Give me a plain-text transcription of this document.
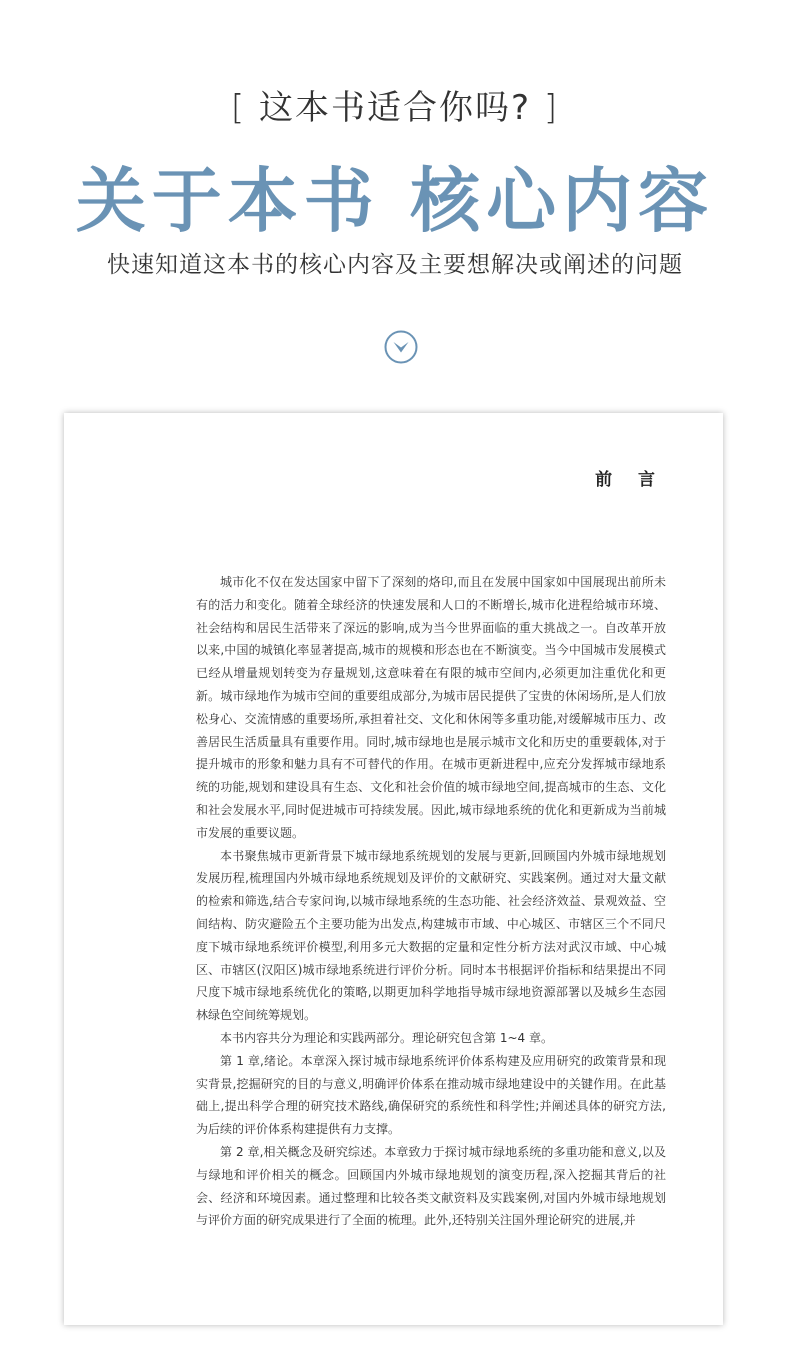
[ 这本书适合你吗? ]
关于本书 核心内容
快速知道这本书的核心内容及主要想解决或阐述的问题
前 言

城市化不仅在发达国家中留下了深刻的烙印,而且在发展中国家如中国展现出前所未有的活力和变化。随着全球经济的快速发展和人口的不断增长,城市化进程给城市环境、社会结构和居民生活带来了深远的影响,成为当今世界面临的重大挑战之一。自改革开放以来,中国的城镇化率显著提高,城市的规模和形态也在不断演变。当今中国城市发展模式已经从增量规划转变为存量规划,这意味着在有限的城市空间内,必须更加注重优化和更新。城市绿地作为城市空间的重要组成部分,为城市居民提供了宝贵的休闲场所,是人们放松身心、交流情感的重要场所,承担着社交、文化和休闲等多重功能,对缓解城市压力、改善居民生活质量具有重要作用。同时,城市绿地也是展示城市文化和历史的重要载体,对于提升城市的形象和魅力具有不可替代的作用。在城市更新进程中,应充分发挥城市绿地系统的功能,规划和建设具有生态、文化和社会价值的城市绿地空间,提高城市的生态、文化和社会发展水平,同时促进城市可持续发展。因此,城市绿地系统的优化和更新成为当前城市发展的重要议题。

本书聚焦城市更新背景下城市绿地系统规划的发展与更新,回顾国内外城市绿地规划发展历程,梳理国内外城市绿地系统规划及评价的文献研究、实践案例。通过对大量文献的检索和筛选,结合专家问询,以城市绿地系统的生态功能、社会经济效益、景观效益、空间结构、防灾避险五个主要功能为出发点,构建城市市域、中心城区、市辖区三个不同尺度下城市绿地系统评价模型,利用多元大数据的定量和定性分析方法对武汉市域、中心城区、市辖区(汉阳区)城市绿地系统进行评价分析。同时本书根据评价指标和结果提出不同尺度下城市绿地系统优化的策略,以期更加科学地指导城市绿地资源部署以及城乡生态园林绿色空间统筹规划。

本书内容共分为理论和实践两部分。理论研究包含第 1~4 章。

第 1 章,绪论。本章深入探讨城市绿地系统评价体系构建及应用研究的政策背景和现实背景,挖掘研究的目的与意义,明确评价体系在推动城市绿地建设中的关键作用。在此基础上,提出科学合理的研究技术路线,确保研究的系统性和科学性;并阐述具体的研究方法,为后续的评价体系构建提供有力支撑。

第 2 章,相关概念及研究综述。本章致力于探讨城市绿地系统的多重功能和意义,以及与绿地和评价相关的概念。回顾国内外城市绿地规划的演变历程,深入挖掘其背后的社会、经济和环境因素。通过整理和比较各类文献资料及实践案例,对国内外城市绿地规划与评价方面的研究成果进行了全面的梳理。此外,还特别关注国外理论研究的进展,并
